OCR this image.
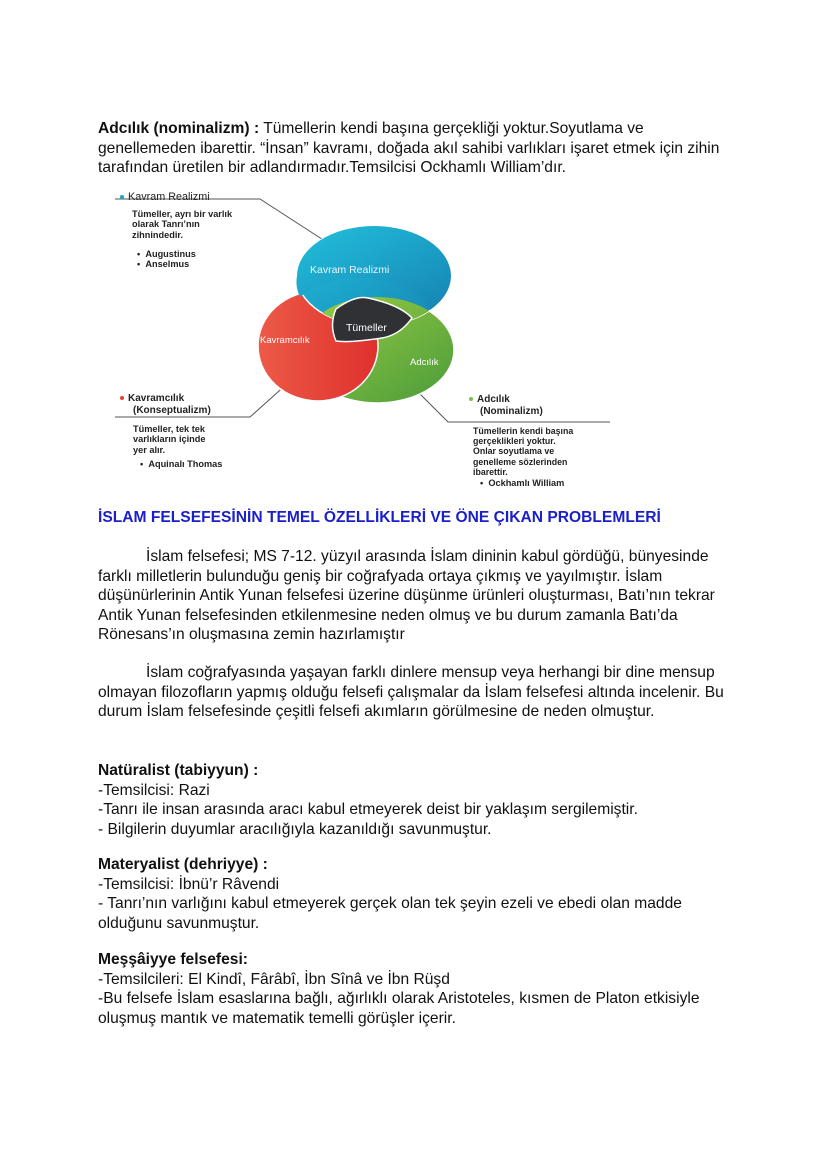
Adcılık (nominalizm) : Tümellerin kendi başına gerçekliği yoktur.Soyutlama ve genellemeden ibarettir. “İnsan” kavramı, doğada akıl sahibi varlıkları işaret etmek için zihin tarafından üretilen bir adlandırmadır.Temsilcisi Ockhamlı William’dır.

Kavram Realizmi
Kavramcılık
Adcılık
Tümeller
Kavram Realizmi
Tümeller, ayrı bir varlık
olarak Tanrı’nın
zihnindedir.
•  Augustinus
•  Anselmus
Kavramcılık
(Konseptualizm)
Tümeller, tek tek
varlıkların içinde
yer alır.
•  Aquinalı Thomas
Adcılık
(Nominalizm)
Tümellerin kendi başına
gerçeklikleri yoktur.
Onlar soyutlama ve
genelleme sözlerinden
ibarettir.
•  Ockhamlı William
İSLAM FELSEFESİNİN TEMEL ÖZELLİKLERİ VE ÖNE ÇIKAN PROBLEMLERİ

İslam felsefesi; MS 7-12. yüzyıl arasında İslam dininin kabul gördüğü, bünyesinde farklı milletlerin bulunduğu geniş bir coğrafyada ortaya çıkmış ve yayılmıştır. İslam düşünürlerinin Antik Yunan felsefesi üzerine düşünme ürünleri oluşturması, Batı’nın tekrar Antik Yunan felsefesinden etkilenmesine neden olmuş ve bu durum zamanla Batı’da Rönesans’ın oluşmasına zemin hazırlamıştır

İslam coğrafyasında yaşayan farklı dinlere mensup veya herhangi bir dine mensup olmayan filozofların yapmış olduğu felsefi çalışmalar da İslam felsefesi altında incelenir. Bu durum İslam felsefesinde çeşitli felsefi akımların görülmesine de neden olmuştur.

Natüralist (tabiyyun) :
-Temsilcisi: Razi
-Tanrı ile insan arasında aracı kabul etmeyerek deist bir yaklaşım sergilemiştir.
- Bilgilerin duyumlar aracılığıyla kazanıldığı savunmuştur.
Materyalist (dehriyye) :
-Temsilcisi: İbnü’r Râvendi
- Tanrı’nın varlığını kabul etmeyerek gerçek olan tek şeyin ezeli ve ebedi olan madde olduğunu savunmuştur.
Meşşâiyye felsefesi:
-Temsilcileri: El Kindî, Fârâbî, İbn Sînâ ve İbn Rüşd
-Bu felsefe İslam esaslarına bağlı, ağırlıklı olarak Aristoteles, kısmen de Platon etkisiyle oluşmuş mantık ve matematik temelli görüşler içerir.
